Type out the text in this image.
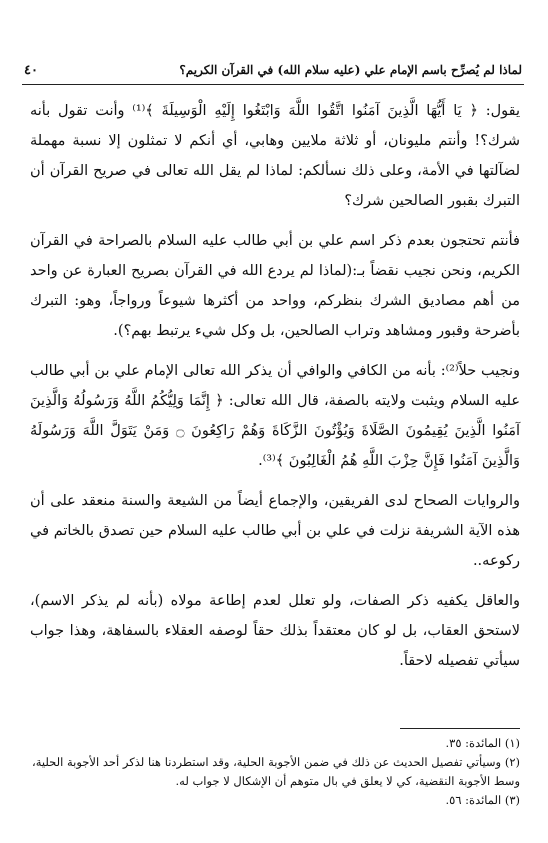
لماذا لم يُصرِّح باسم الإمام علي (عليه سلام الله) في القرآن الكريم؟
٤٠

يقول: ﴿ يَا أَيُّهَا الَّذِينَ آمَنُوا اتَّقُوا اللَّهَ وَابْتَغُوا إِلَيْهِ الْوَسِيلَةَ ﴾⁽¹⁾ وأنت تقول بأنه شرك؟! وأنتم مليونان، أو ثلاثة ملايين وهابي، أي أنكم لا تمثلون إلا نسبة مهملة لضآلتها في الأمة، وعلى ذلك نسألكم: لماذا لم يقل الله تعالى في صريح القرآن أن التبرك بقبور الصالحين شرك؟

فأنتم تحتجون بعدم ذكر اسم علي بن أبي طالب عليه السلام بالصراحة في القرآن الكريم، ونحن نجيب نقضاً بـ:(لماذا لم يردع الله في القرآن بصريح العبارة عن واحد من أهم مصاديق الشرك بنظركم، وواحد من أكثرها شيوعاً ورواجاً، وهو: التبرك بأضرحة وقبور ومشاهد وتراب الصالحين، بل وكل شيء يرتبط بهم؟).

ونجيب حلاً⁽²⁾: بأنه من الكافي والوافي أن يذكر الله تعالى الإمام علي بن أبي طالب عليه السلام ويثبت ولايته بالصفة، قال الله تعالى: ﴿ إِنَّمَا وَلِيُّكُمُ اللَّهُ وَرَسُولُهُ وَالَّذِينَ آمَنُوا الَّذِينَ يُقِيمُونَ الصَّلَاةَ وَيُؤْتُونَ الزَّكَاةَ وَهُمْ رَاكِعُونَ ۝ وَمَنْ يَتَوَلَّ اللَّهَ وَرَسُولَهُ وَالَّذِينَ آمَنُوا فَإِنَّ حِزْبَ اللَّهِ هُمُ الْغَالِبُونَ ﴾⁽³⁾.

والروايات الصحاح لدى الفريقين، والإجماع أيضاً من الشيعة والسنة منعقد على أن هذه الآية الشريفة نزلت في علي بن أبي طالب عليه السلام حين تصدق بالخاتم في ركوعه..

والعاقل يكفيه ذكر الصفات، ولو تعلل لعدم إطاعة مولاه (بأنه لم يذكر الاسم)، لاستحق العقاب، بل لو كان معتقداً بذلك حقاً لوصفه العقلاء بالسفاهة، وهذا جواب سيأتي تفصيله لاحقاً.

(١) المائدة: ٣٥.

(٢) وسيأتي تفصيل الحديث عن ذلك في ضمن الأجوبة الحلية، وقد استطردنا هنا لذكر أحد الأجوبة الحلية، وسط الأجوبة النقضية، كي لا يعلق في بال متوهم أن الإشكال لا جواب له.

(٣) المائدة: ٥٦.
